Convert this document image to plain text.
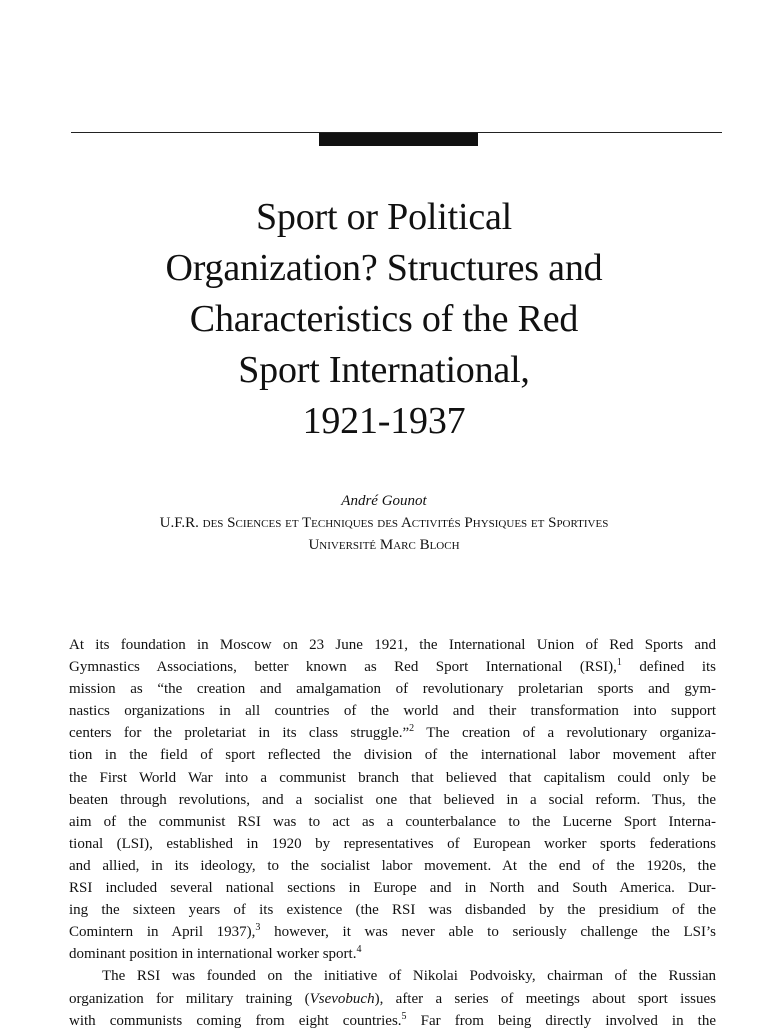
Sport or Political
Organization? Structures and
Characteristics of the Red
Sport International,
1921-1937
André Gounot
U.F.R. des Sciences et Techniques des Activités Physiques et Sportives
Université Marc Bloch
At its foundation in Moscow on 23 June 1921, the International Union of Red Sports and
Gymnastics Associations, better known as Red Sport International (RSI),$^1$ defined its
mission as “the creation and amalgamation of revolutionary proletarian sports and gym-
nastics organizations in all countries of the world and their transformation into support
centers for the proletariat in its class struggle.”$^2$ The creation of a revolutionary organiza-
tion in the field of sport reflected the division of the international labor movement after
the First World War into a communist branch that believed that capitalism could only be
beaten through revolutions, and a socialist one that believed in a social reform. Thus, the
aim of the communist RSI was to act as a counterbalance to the Lucerne Sport Interna-
tional (LSI), established in 1920 by representatives of European worker sports federations
and allied, in its ideology, to the socialist labor movement. At the end of the 1920s, the
RSI included several national sections in Europe and in North and South America. Dur-
ing the sixteen years of its existence (the RSI was disbanded by the presidium of the
Comintern in April 1937),$^3$ however, it was never able to seriously challenge the LSI’s
dominant position in international worker sport.$^4$
The RSI was founded on the initiative of Nikolai Podvoisky, chairman of the Russian
organization for military training (Vsevobuch), after a series of meetings about sport issues
with communists coming from eight countries.$^5$ Far from being directly involved in the
